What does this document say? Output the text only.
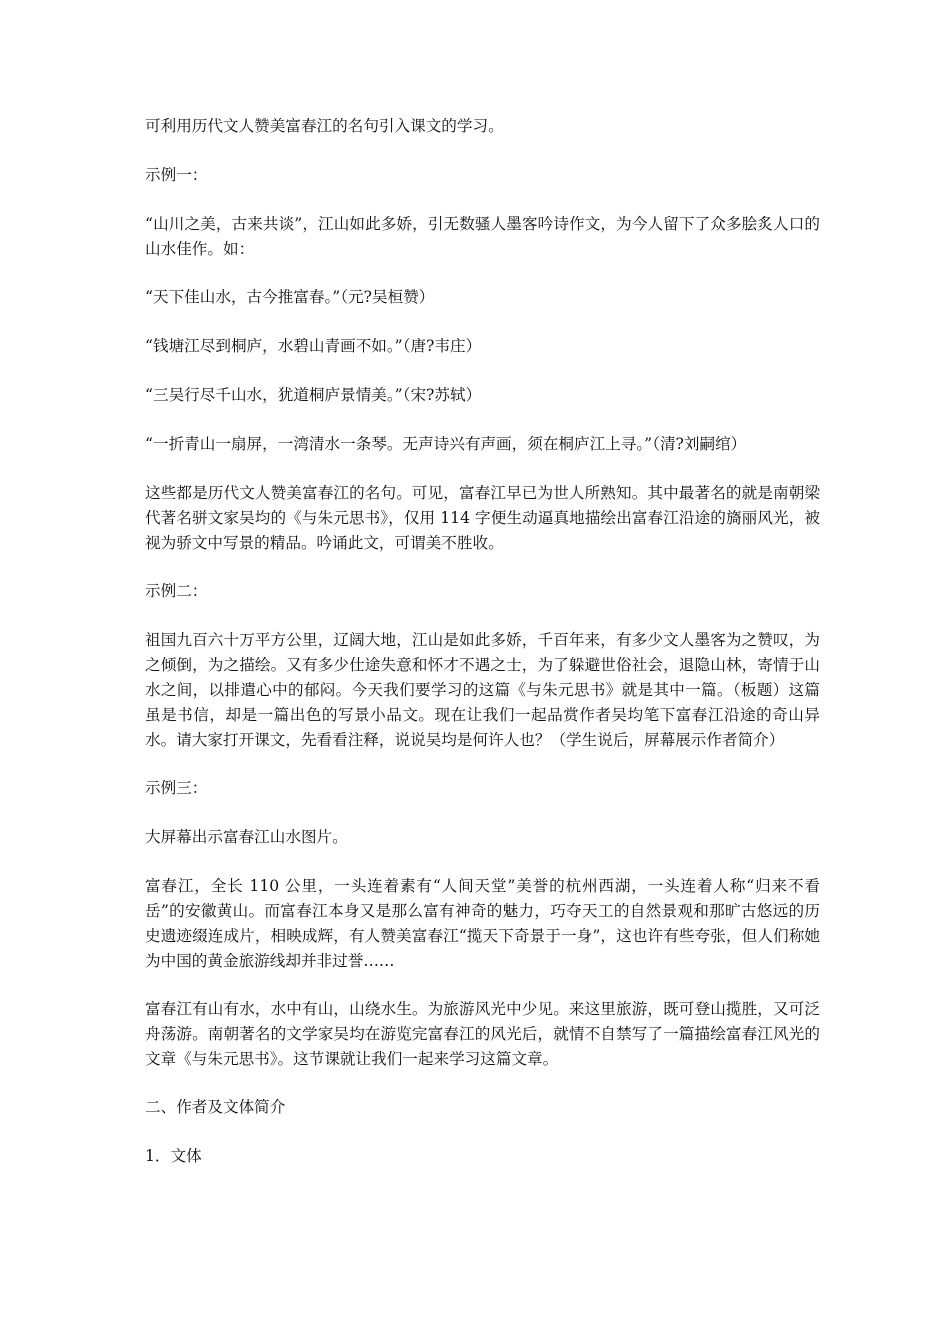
可利用历代文人赞美富春江的名句引入课文的学习。

示例一：

“山川之美，古来共谈”，江山如此多娇，引无数骚人墨客吟诗作文，为今人留下了众多脍炙人口的山水佳作。如：

“天下佳山水，古今推富春。”（元?吴桓赞）

“钱塘江尽到桐庐，水碧山青画不如。”（唐?韦庄）

“三吴行尽千山水，犹道桐庐景情美。”（宋?苏轼）

“一折青山一扇屏，一湾清水一条琴。无声诗兴有声画，须在桐庐江上寻。”（清?刘嗣绾）

这些都是历代文人赞美富春江的名句。可见，富春江早已为世人所熟知。其中最著名的就是南朝梁代著名骈文家吴均的《与朱元思书》，仅用 114 字便生动逼真地描绘出富春江沿途的旖丽风光，被视为骄文中写景的精品。吟诵此文，可谓美不胜收。

示例二：

祖国九百六十万平方公里，辽阔大地，江山是如此多娇，千百年来，有多少文人墨客为之赞叹，为之倾倒，为之描绘。又有多少仕途失意和怀才不遇之士，为了躲避世俗社会，退隐山林，寄情于山水之间，以排遣心中的郁闷。今天我们要学习的这篇《与朱元思书》就是其中一篇。（板题）这篇虽是书信，却是一篇出色的写景小品文。现在让我们一起品赏作者吴均笔下富春江沿途的奇山异水。请大家打开课文，先看看注释，说说吴均是何许人也？（学生说后，屏幕展示作者简介）

示例三：

大屏幕出示富春江山水图片。

富春江，全长 110 公里，一头连着素有“人间天堂”美誉的杭州西湖，一头连着人称“归来不看岳”的安徽黄山。而富春江本身又是那么富有神奇的魅力，巧夺天工的自然景观和那旷古悠远的历史遗迹缀连成片，相映成辉，有人赞美富春江“揽天下奇景于一身”，这也许有些夸张，但人们称她为中国的黄金旅游线却并非过誉……

富春江有山有水，水中有山，山绕水生。为旅游风光中少见。来这里旅游，既可登山揽胜，又可泛舟荡游。南朝著名的文学家吴均在游览完富春江的风光后，就情不自禁写了一篇描绘富春江风光的文章《与朱元思书》。这节课就让我们一起来学习这篇文章。

二、作者及文体简介

1．文体
